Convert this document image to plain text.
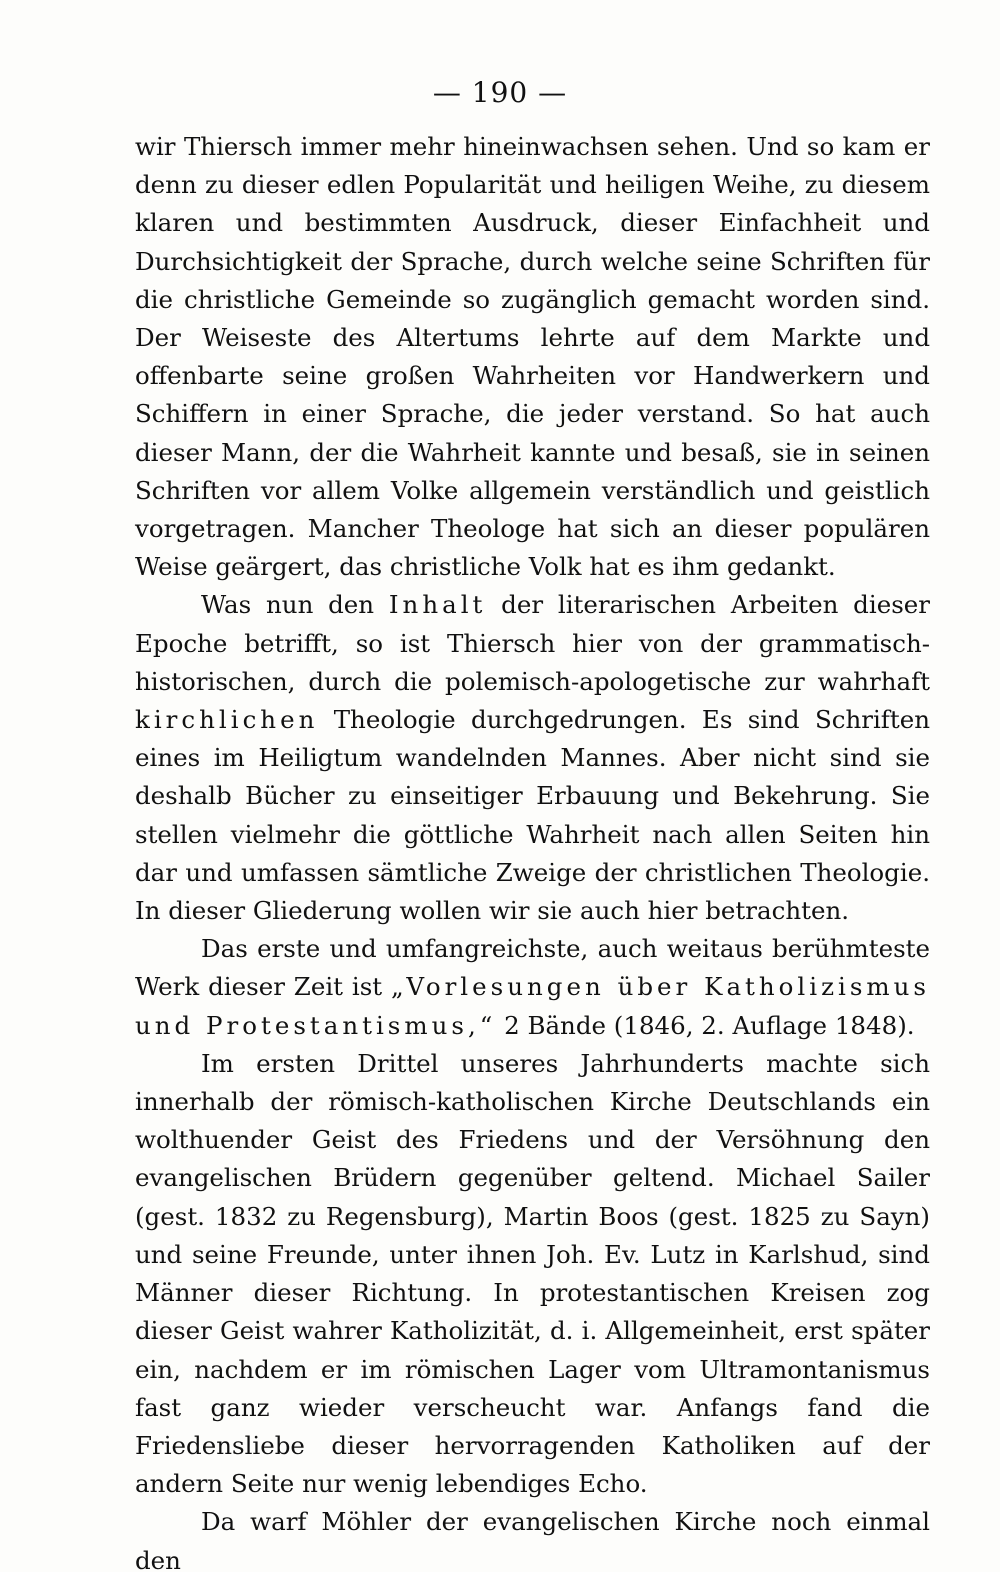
— 190 —

wir Thiersch immer mehr hineinwachsen sehen. Und so kam er denn zu dieser edlen Popularität und heiligen Weihe, zu diesem klaren und bestimmten Ausdruck, dieser Einfachheit und Durchsichtigkeit der Sprache, durch welche seine Schriften für die christliche Gemeinde so zugänglich gemacht worden sind. Der Weiseste des Altertums lehrte auf dem Markte und offenbarte seine großen Wahrheiten vor Handwerkern und Schiffern in einer Sprache, die jeder verstand. So hat auch dieser Mann, der die Wahrheit kannte und besaß, sie in seinen Schriften vor allem Volke allgemein verständlich und geistlich vorgetragen. Mancher Theologe hat sich an dieser populären Weise geärgert, das christliche Volk hat es ihm gedankt.

Was nun den Inhalt der literarischen Arbeiten dieser Epoche betrifft, so ist Thiersch hier von der grammatisch-historischen, durch die polemisch-apologetische zur wahrhaft kirchlichen Theologie durchgedrungen. Es sind Schriften eines im Heiligtum wandelnden Mannes. Aber nicht sind sie deshalb Bücher zu einseitiger Erbauung und Bekehrung. Sie stellen vielmehr die göttliche Wahrheit nach allen Seiten hin dar und umfassen sämtliche Zweige der christlichen Theologie. In dieser Gliederung wollen wir sie auch hier betrachten.

Das erste und umfangreichste, auch weitaus berühmteste Werk dieser Zeit ist „Vorlesungen über Katholizismus und Protestantismus,“ 2 Bände (1846, 2. Auflage 1848).

Im ersten Drittel unseres Jahrhunderts machte sich innerhalb der römisch-katholischen Kirche Deutschlands ein wolthuender Geist des Friedens und der Versöhnung den evangelischen Brüdern gegenüber geltend. Michael Sailer (gest. 1832 zu Regensburg), Martin Boos (gest. 1825 zu Sayn) und seine Freunde, unter ihnen Joh. Ev. Lutz in Karlshud, sind Männer dieser Richtung. In protestantischen Kreisen zog dieser Geist wahrer Katholizität, d. i. Allgemeinheit, erst später ein, nachdem er im römischen Lager vom Ultramontanismus fast ganz wieder verscheucht war. Anfangs fand die Friedensliebe dieser hervorragenden Katholiken auf der andern Seite nur wenig lebendiges Echo.

Da warf Möhler der evangelischen Kirche noch einmal den
